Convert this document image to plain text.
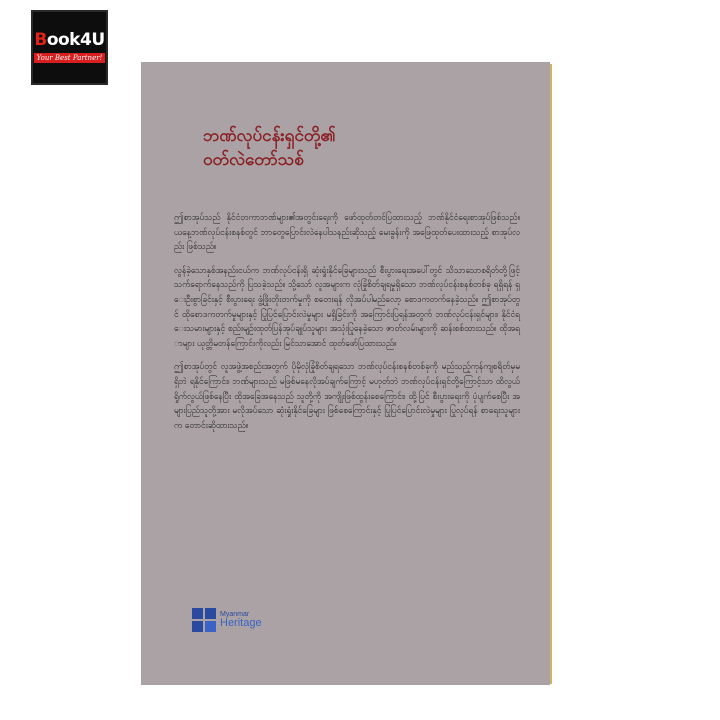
Book4U
Your Best Partner!
ဘဏ်လုပ်ငန်းရှင်တို့၏
ဝတ်လဲတော်သစ်

ဤစာအုပ်သည် နိုင်ငံတကာဘဏ်များ၏အတွင်းရေးကို ဖော်ထုတ်တင်ပြထားသည့် ဘဏ်နိုင်ငံရေးစာအုပ်ဖြစ်သည်။ ယနေ့ဘဏ်လုပ်ငန်းစနစ်တွင် ဘာတွေပြောင်းလဲနေပါသနည်းဆိုသည့် မေးခွန်းကို အဖြေထုတ်ပေးထားသည့် စာအုပ်လည်း ဖြစ်သည်။

လွန်ခဲ့သောနှစ်အနည်းငယ်က ဘဏ်လုပ်ငန်းရှိ ဆုံးရှုံးနိုင်ခြေများသည် စီးပွားရေးအပေါ်တွင် သိသာသောစရိတ်တို့ဖြင့် သက်ရောက်နေသည်ကို ပြသခဲ့သည်။ သို့သော် လူအများက လုံခြုံစိတ်ချရမှုရှိသော ဘဏ်လုပ်ငန်းစနစ်တစ်ခု ရရှိရန် ရှေးဦးစွာခြင်းနှင့် စီးပွားရေး ဖွံ့ဖြိုးတိုးတက်မှုကို စတေးရန် လိုအပ်ပါမည်လော့ စောဒကတက်နေခဲ့သည်။ ဤစာအုပ်တွင် ထိုစောဒကတက်မှုများနှင့် ပြုပြင်ပြောင်းလဲမှုများ မရှိခြင်းကို အကြောင်းပြရန်အတွက် ဘဏ်လုပ်ငန်းရှင်များ၊ နိုင်ငံရေးသမားများနှင့် စည်းမျဉ်းထုတ်ပြန်အုပ်ချုပ်သူများ အသုံးပြုနေခဲ့သော ဇာတ်လမ်းများကို ဆန်းစစ်ထားသည်။ ထိုအရာများ ယုတ္တိမတန်ကြောင်းကိုလည်း မြင်သာအောင် ထုတ်ဖော်ပြထားသည်။

ဤစာအုပ်တွင် လူအဖွဲ့အစည်းအတွက် ပိုမိုလုံခြုံစိတ်ချရသော ဘဏ်လုပ်ငန်းစနစ်တစ်ခုကို မည်သည့်ကုန်ကျစရိတ်မှမရှိဘဲ ရနိုင်ကြောင်း၊ ဘဏ်များသည် မဖြစ်မနေလိုအပ်ချက်ကြောင့် မဟုတ်ဘဲ ဘဏ်လုပ်ငန်းရှင်တို့ကြောင့်သာ ထိလွယ်ရှိုက်လွယ်ဖြစ်နေပြီး ထိုအခြေအနေသည် သူတို့ကို အကျိုးဖြစ်ထွန်းစေကြောင်း၊ ထို့ပြင် စီးပွားရေးကို ပုံပျက်စေပြီး အများပြည်သူတို့အား မလိုအပ်သော ဆုံးရှုံးနိုင်ခြေများ ဖြစ်စေကြောင်းနှင့် ပြုပြင်ပြောင်းလဲမှုများ ပြုလုပ်ရန် စာရေးသူများက တောင်းဆိုထားသည်။

Myanmar
Heritage
